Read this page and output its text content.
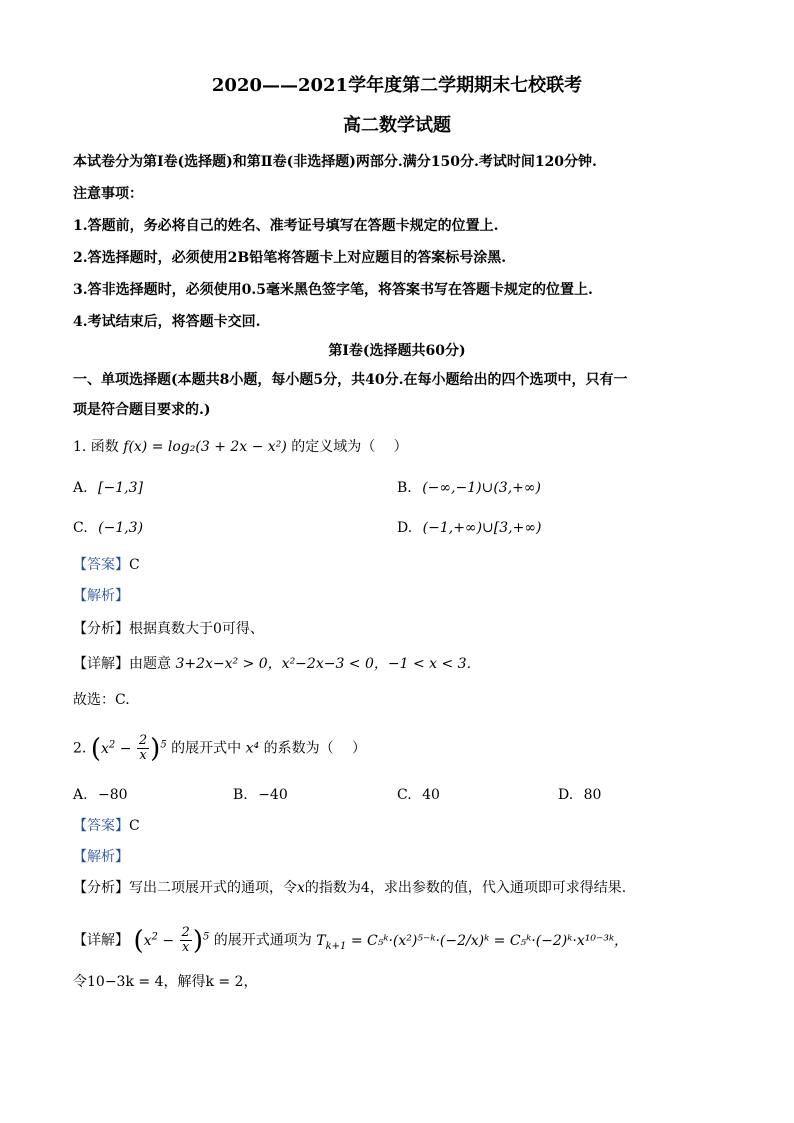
2020——2021学年度第二学期期末七校联考
高二数学试题
本试卷分为第Ⅰ卷(选择题)和第Ⅱ卷(非选择题)两部分.满分150分.考试时间120分钟.
注意事项：
1.答题前，务必将自己的姓名、准考证号填写在答题卡规定的位置上.
2.答选择题时，必须使用2B铅笔将答题卡上对应题目的答案标号涂黑.
3.答非选择题时，必须使用0.5毫米黑色签字笔，将答案书写在答题卡规定的位置上.
4.考试结束后，将答题卡交回.
第Ⅰ卷(选择题共60分)
一、单项选择题(本题共8小题，每小题5分，共40分.在每小题给出的四个选项中，只有一
项是符合题目要求的.)
1. 函数 f(x) = log₂(3 + 2x − x²) 的定义域为（　 ）
A. [−1,3]	B. (−∞,−1)∪(3,+∞)
C. (−1,3)	D. (−1,+∞)∪[3,+∞)
【答案】C
【解析】
【分析】根据真数大于0可得、
【详解】由题意 3+2x−x² > 0，x²−2x−3 < 0，−1 < x < 3.
故选：C.
2. $(x^2 - \frac{2}{x} )^5$ 的展开式中 x⁴ 的系数为（　 ）
A. −80	B. −40	C. 40	D. 80
【答案】C
【解析】
【分析】写出二项展开式的通项，令x的指数为4，求出参数的值，代入通项即可求得结果.
【详解】 $(x^2 - \frac{2}{x} )^5$ 的展开式通项为 $T_{k+1}$ = C₅ᵏ·(x²)⁵⁻ᵏ·(−2/x)ᵏ = C₅ᵏ·(−2)ᵏ·x¹⁰⁻³ᵏ，
令10−3k = 4，解得k = 2，
